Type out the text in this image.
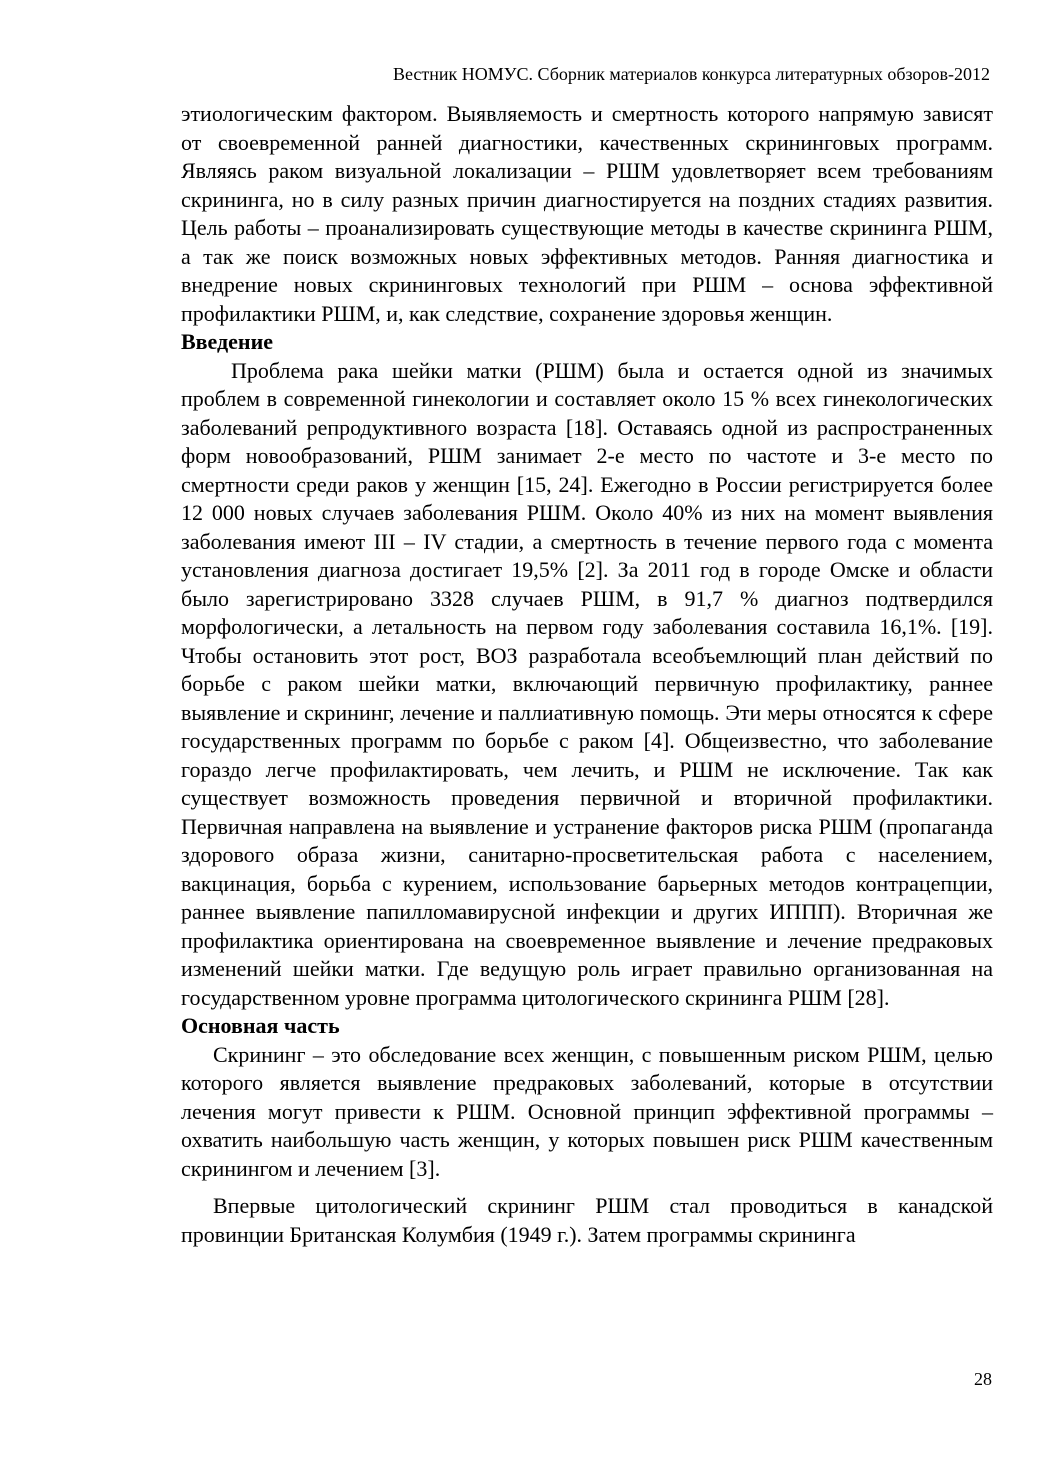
Вестник НОМУС. Сборник материалов конкурса литературных обзоров-2012

этиологическим фактором. Выявляемость и смертность которого напрямую зависят от своевременной ранней диагностики, качественных скрининговых программ. Являясь раком визуальной локализации – РШМ удовлетворяет всем требованиям скрининга, но в силу разных причин диагностируется на поздних стадиях развития. Цель работы – проанализировать существующие методы в качестве скрининга РШМ, а так же поиск возможных новых эффективных методов. Ранняя диагностика и внедрение новых скрининговых технологий при РШМ – основа эффективной профилактики РШМ, и, как следствие, сохранение здоровья женщин.

Введение

Проблема рака шейки матки (РШМ) была и остается одной из значимых проблем в современной гинекологии и составляет около 15 % всех гинекологических заболеваний репродуктивного возраста [18]. Оставаясь одной из распространенных форм новообразований, РШМ занимает 2-е место по частоте и 3-е место по смертности среди раков у женщин [15, 24]. Ежегодно в России регистрируется более 12 000 новых случаев заболевания РШМ. Около 40% из них на момент выявления заболевания имеют III – IV стадии, а смертность в течение первого года с момента установления диагноза достигает 19,5% [2]. За 2011 год в городе Омске и области было зарегистрировано 3328 случаев РШМ, в 91,7 % диагноз подтвердился морфологически, а летальность на первом году заболевания составила 16,1%. [19]. Чтобы остановить этот рост, ВОЗ разработала всеобъемлющий план действий по борьбе с раком шейки матки, включающий первичную профилактику, раннее выявление и скрининг, лечение и паллиативную помощь. Эти меры относятся к сфере государственных программ по борьбе с раком [4]. Общеизвестно, что заболевание гораздо легче профилактировать, чем лечить, и РШМ не исключение. Так как существует возможность проведения первичной и вторичной профилактики. Первичная направлена на выявление и устранение факторов риска РШМ (пропаганда здорового образа жизни, санитарно-просветительская работа с населением, вакцинация, борьба с курением, использование барьерных методов контрацепции, раннее выявление папилломавирусной инфекции и других ИППП). Вторичная же профилактика ориентирована на своевременное выявление и лечение предраковых изменений шейки матки. Где ведущую роль играет правильно организованная на государственном уровне программа цитологического скрининга РШМ [28].

Основная часть

Скрининг – это обследование всех женщин, с повышенным риском РШМ, целью которого является выявление предраковых заболеваний, которые в отсутствии лечения могут привести к РШМ. Основной принцип эффективной программы – охватить наибольшую часть женщин, у которых повышен риск РШМ качественным скринингом и лечением [3].

Впервые цитологический скрининг РШМ стал проводиться в канадской провинции Британская Колумбия (1949 г.). Затем программы скрининга

28
